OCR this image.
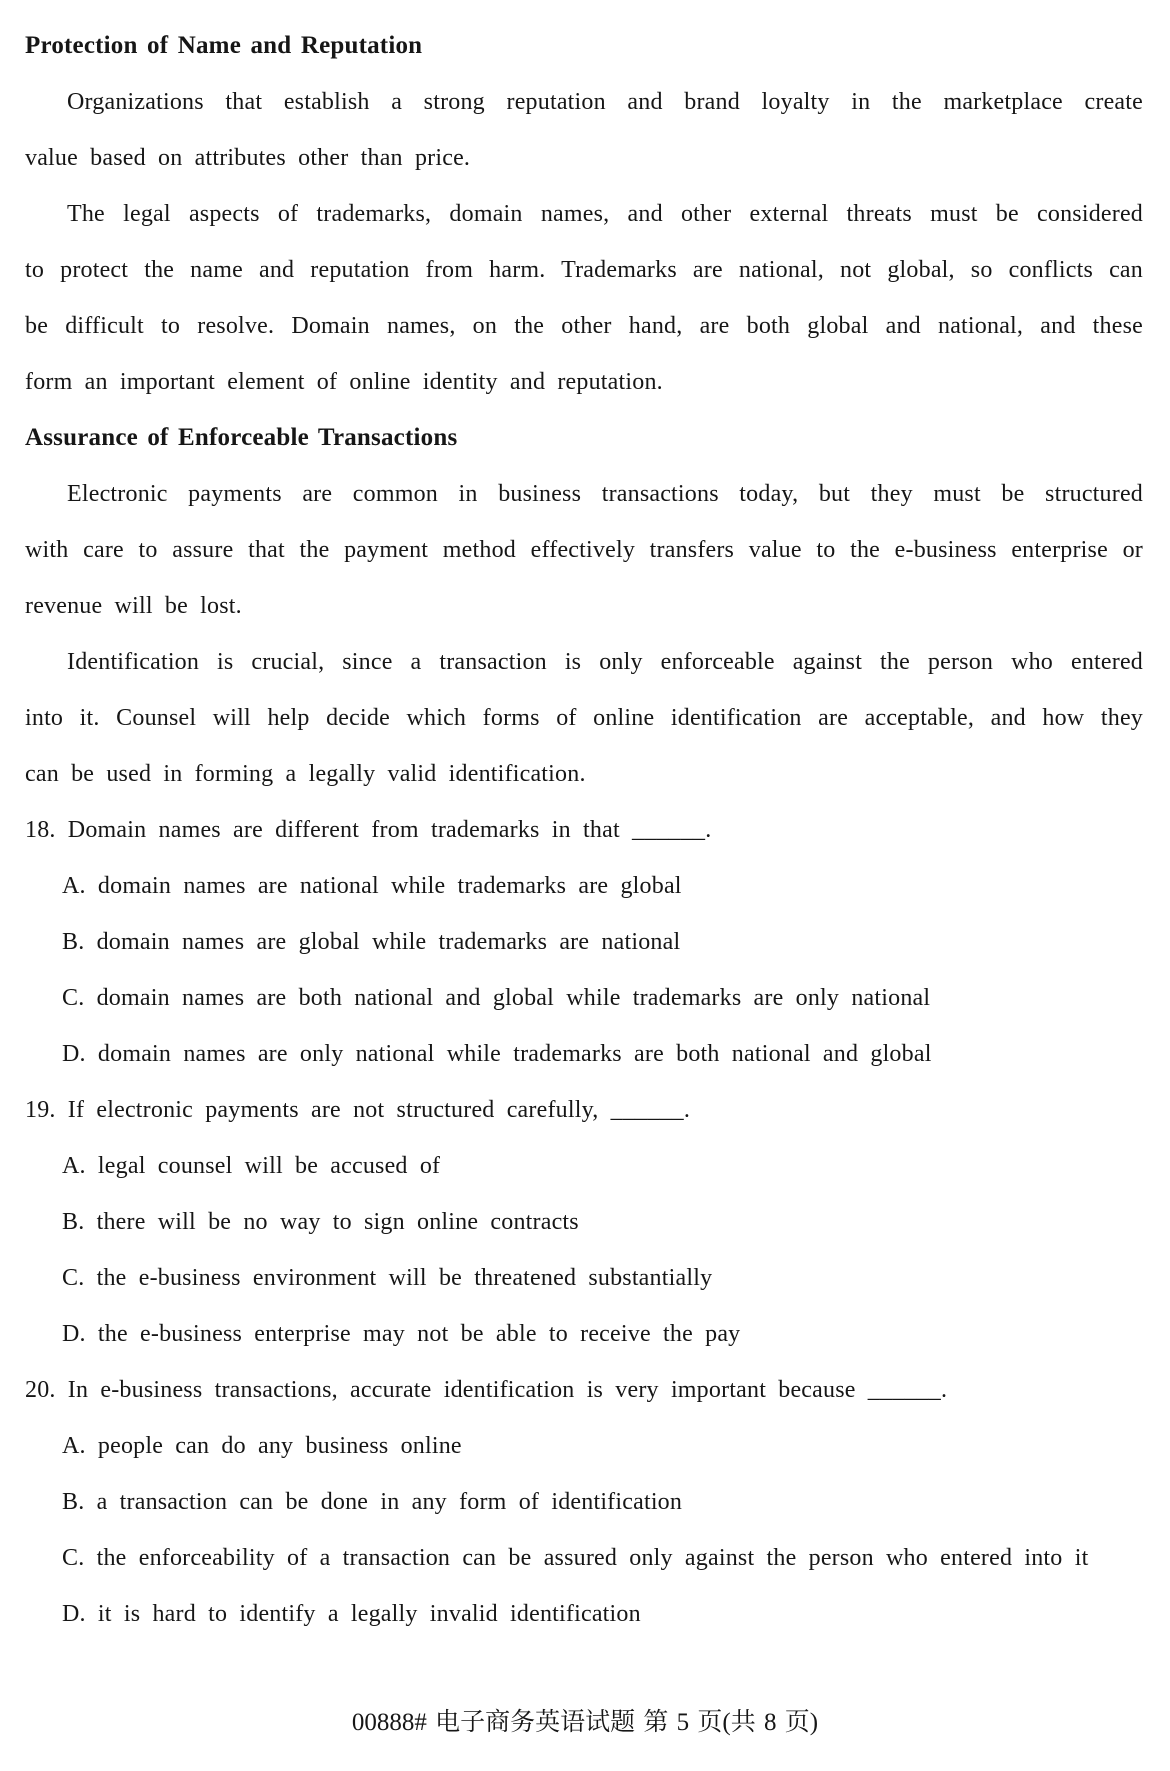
Protection of Name and Reputation
Organizations that establish a strong reputation and brand loyalty in the marketplace create
value based on attributes other than price.
The legal aspects of trademarks, domain names, and other external threats must be considered
to protect the name and reputation from harm. Trademarks are national, not global, so conflicts can
be difficult to resolve. Domain names, on the other hand, are both global and national, and these
form an important element of online identity and reputation.
Assurance of Enforceable Transactions
Electronic payments are common in business transactions today, but they must be structured
with care to assure that the payment method effectively transfers value to the e-business enterprise or
revenue will be lost.
Identification is crucial, since a transaction is only enforceable against the person who entered
into it. Counsel will help decide which forms of online identification are acceptable, and how they
can be used in forming a legally valid identification.
18. Domain names are different from trademarks in that ______.
A. domain names are national while trademarks are global
B. domain names are global while trademarks are national
C. domain names are both national and global while trademarks are only national
D. domain names are only national while trademarks are both national and global
19. If electronic payments are not structured carefully, ______.
A. legal counsel will be accused of
B. there will be no way to sign online contracts
C. the e-business environment will be threatened substantially
D. the e-business enterprise may not be able to receive the pay
20. In e-business transactions, accurate identification is very important because ______.
A. people can do any business online
B. a transaction can be done in any form of identification
C. the enforceability of a transaction can be assured only against the person who entered into it
D. it is hard to identify a legally invalid identification
00888# 电子商务英语试题 第 5 页(共 8 页)
